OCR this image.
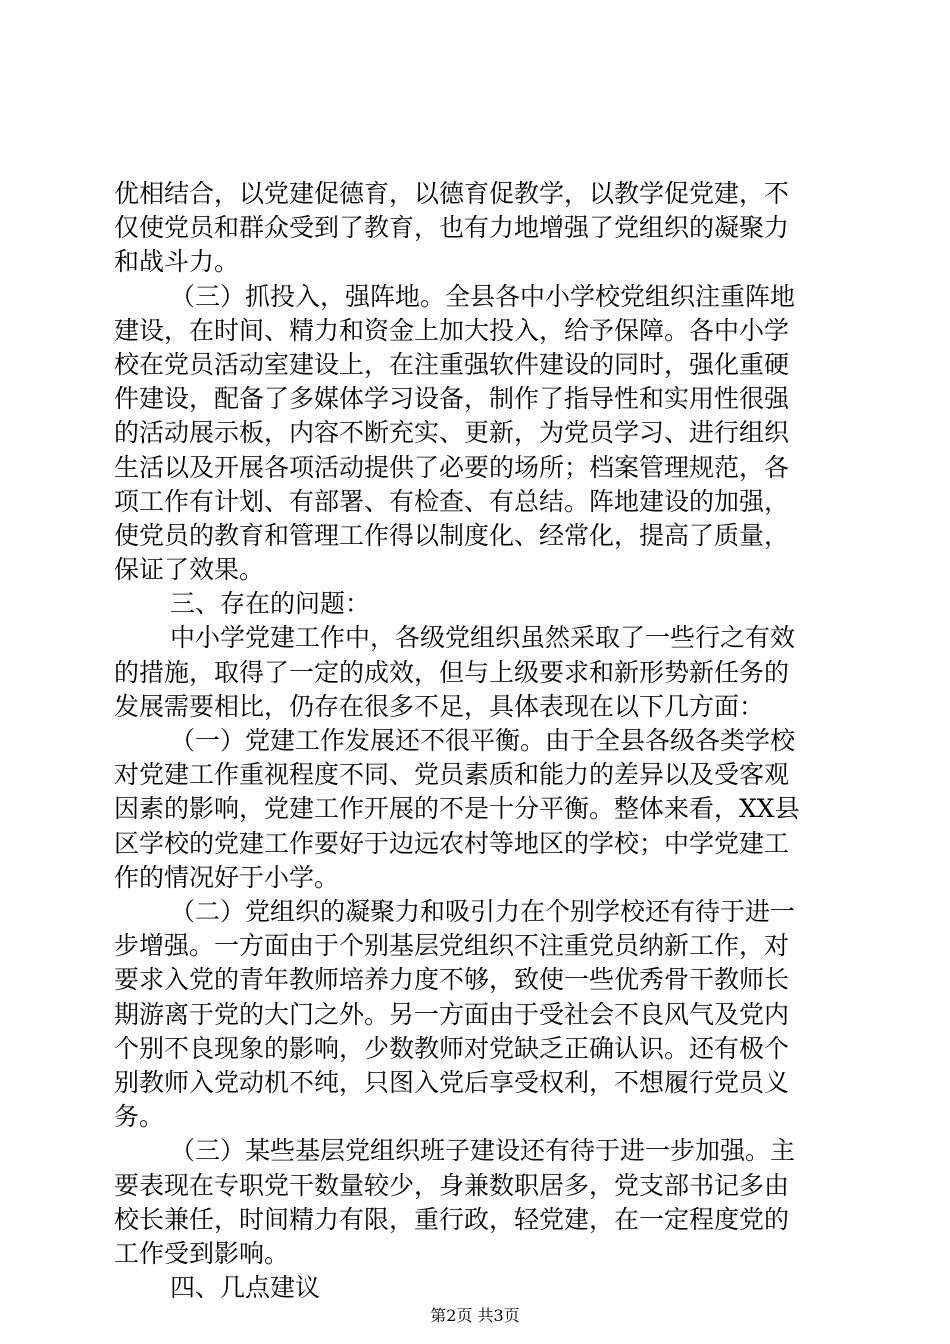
优相结合，以党建促德育，以德育促教学，以教学促党建，不
仅使党员和群众受到了教育，也有力地增强了党组织的凝聚力
和战斗力。
（三）抓投入，强阵地。全县各中小学校党组织注重阵地
建设，在时间、精力和资金上加大投入，给予保障。各中小学
校在党员活动室建设上，在注重强软件建设的同时，强化重硬
件建设，配备了多媒体学习设备，制作了指导性和实用性很强
的活动展示板，内容不断充实、更新，为党员学习、进行组织
生活以及开展各项活动提供了必要的场所；档案管理规范，各
项工作有计划、有部署、有检查、有总结。阵地建设的加强，
使党员的教育和管理工作得以制度化、经常化，提高了质量，
保证了效果。
三、存在的问题：
中小学党建工作中，各级党组织虽然采取了一些行之有效
的措施，取得了一定的成效，但与上级要求和新形势新任务的
发展需要相比，仍存在很多不足，具体表现在以下几方面：
（一）党建工作发展还不很平衡。由于全县各级各类学校
对党建工作重视程度不同、党员素质和能力的差异以及受客观
因素的影响，党建工作开展的不是十分平衡。整体来看，XX县
区学校的党建工作要好于边远农村等地区的学校；中学党建工
作的情况好于小学。
（二）党组织的凝聚力和吸引力在个别学校还有待于进一
步增强。一方面由于个别基层党组织不注重党员纳新工作，对
要求入党的青年教师培养力度不够，致使一些优秀骨干教师长
期游离于党的大门之外。另一方面由于受社会不良风气及党内
个别不良现象的影响，少数教师对党缺乏正确认识。还有极个
别教师入党动机不纯，只图入党后享受权利，不想履行党员义
务。
（三）某些基层党组织班子建设还有待于进一步加强。主
要表现在专职党干数量较少，身兼数职居多，党支部书记多由
校长兼任，时间精力有限，重行政，轻党建，在一定程度党的
工作受到影响。
四、几点建议
第2页 共3页
